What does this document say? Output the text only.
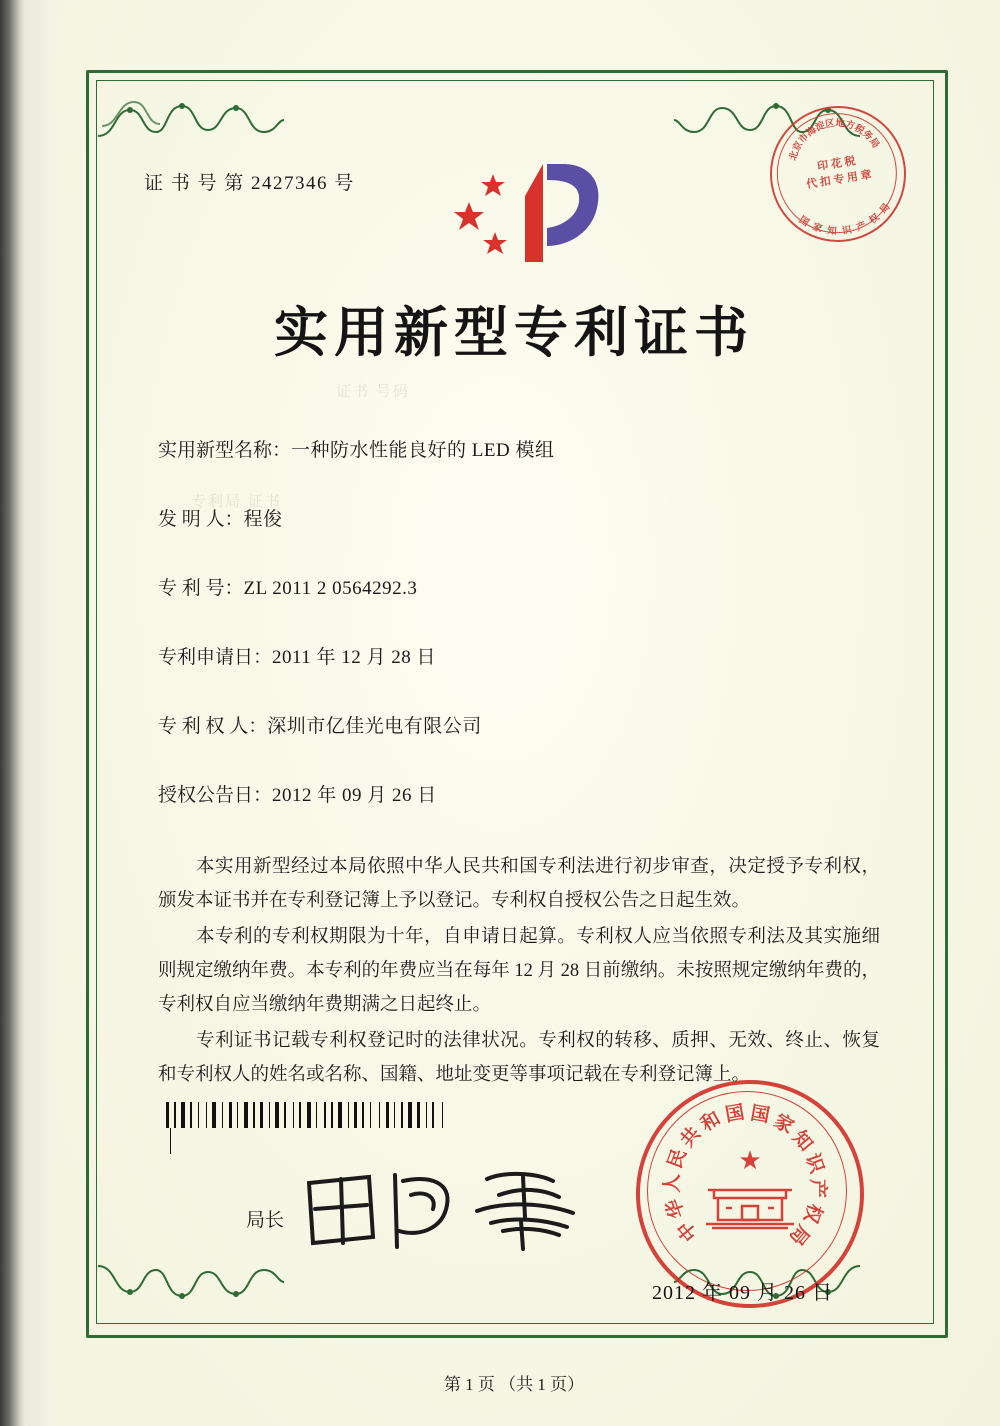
证 书 号 第 2427346 号
北
京
市
海
淀
区 地
方
税
务
局
印 花 税
代 扣 专 用 章
国 家 知 识 产
权
局
实用新型专利证书
证书 号码
专利局 证书
实用新型名称：一种防水性能良好的 LED 模组
发 明 人：程俊
专 利 号：ZL 2011 2 0564292.3
专利申请日：2011 年 12 月 28 日
专 利 权 人：深圳市亿佳光电有限公司
授权公告日：2012 年 09 月 26 日

本实用新型经过本局依照中华人民共和国专利法进行初步审查，决定授予专利权，颁发本证书并在专利登记簿上予以登记。专利权自授权公告之日起生效。

本专利的专利权期限为十年，自申请日起算。专利权人应当依照专利法及其实施细则规定缴纳年费。本专利的年费应当在每年 12 月 28 日前缴纳。未按照规定缴纳年费的，专利权自应当缴纳年费期满之日起终止。

专利证书记载专利权登记时的法律状况。专利权的转移、质押、无效、终止、恢复和专利权人的姓名或名称、国籍、地址变更等事项记载在专利登记簿上。

局长	中
华
人
民
共
和 国 国
家
知
识
产
权
局
★
2012 年 09 月 26 日
第 1 页 （共 1 页）
